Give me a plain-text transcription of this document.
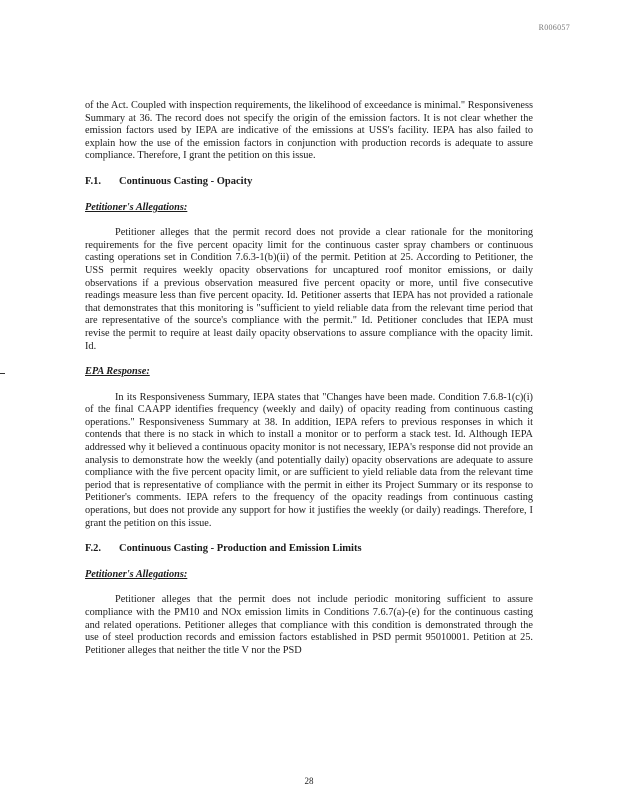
R006057

of the Act. Coupled with inspection requirements, the likelihood of exceedance is minimal." Responsiveness Summary at 36. The record does not specify the origin of the emission factors. It is not clear whether the emission factors used by IEPA are indicative of the emissions at USS's facility. IEPA has also failed to explain how the use of the emission factors in conjunction with production records is adequate to assure compliance. Therefore, I grant the petition on this issue.

F.1. Continuous Casting - Opacity

Petitioner's Allegations:

Petitioner alleges that the permit record does not provide a clear rationale for the monitoring requirements for the five percent opacity limit for the continuous caster spray chambers or continuous casting operations set in Condition 7.6.3-1(b)(ii) of the permit. Petition at 25. According to Petitioner, the USS permit requires weekly opacity observations for uncaptured roof monitor emissions, or daily observations if a previous observation measured five percent opacity or more, until five consecutive readings measure less than five percent opacity. Id. Petitioner asserts that IEPA has not provided a rationale that demonstrates that this monitoring is "sufficient to yield reliable data from the relevant time period that are representative of the source's compliance with the permit." Id. Petitioner concludes that IEPA must revise the permit to require at least daily opacity observations to assure compliance with the opacity limit. Id.

EPA Response:

In its Responsiveness Summary, IEPA states that "Changes have been made. Condition 7.6.8-1(c)(i) of the final CAAPP identifies frequency (weekly and daily) of opacity reading from continuous casting operations." Responsiveness Summary at 38. In addition, IEPA refers to previous responses in which it contends that there is no stack in which to install a monitor or to perform a stack test. Id. Although IEPA addressed why it believed a continuous opacity monitor is not necessary, IEPA's response did not provide an analysis to demonstrate how the weekly (and potentially daily) opacity observations are adequate to assure compliance with the five percent opacity limit, or are sufficient to yield reliable data from the relevant time period that is representative of compliance with the permit in either its Project Summary or its response to Petitioner's comments. IEPA refers to the frequency of the opacity readings from continuous casting operations, but does not provide any support for how it justifies the weekly (or daily) readings. Therefore, I grant the petition on this issue.

F.2. Continuous Casting - Production and Emission Limits

Petitioner's Allegations:

Petitioner alleges that the permit does not include periodic monitoring sufficient to assure compliance with the PM10 and NOx emission limits in Conditions 7.6.7(a)-(e) for the continuous casting and related operations. Petitioner alleges that compliance with this condition is demonstrated through the use of steel production records and emission factors established in PSD permit 95010001. Petition at 25. Petitioner alleges that neither the title V nor the PSD

28
